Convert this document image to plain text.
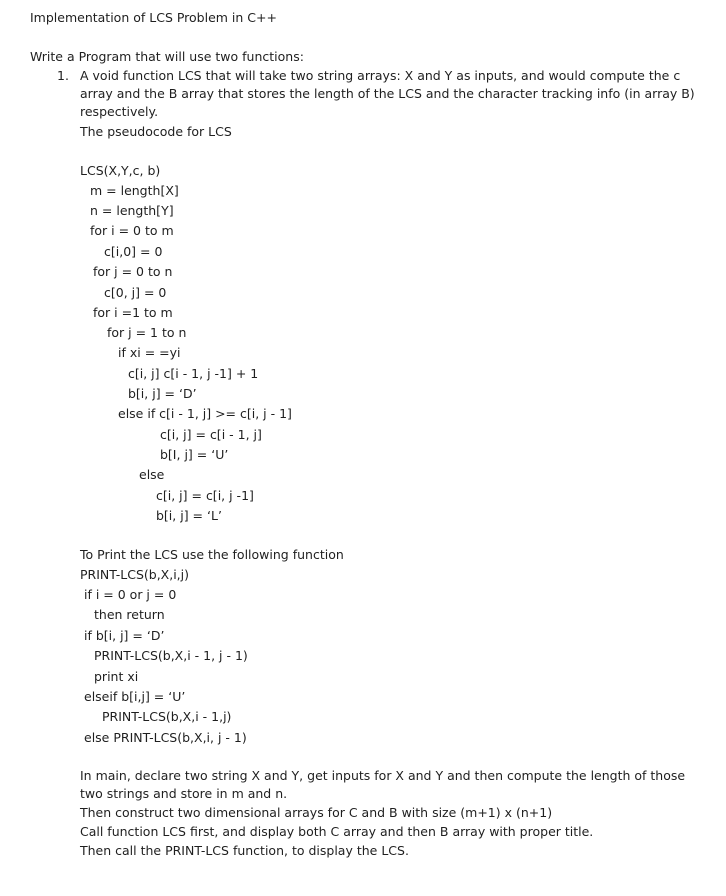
Implementation of LCS Problem in C++
Write a Program that will use two functions:
1. A void function LCS that will take two string arrays: X and Y as inputs, and would compute the c array and the B array that stores the length of the LCS and the character tracking info (in array B) respectively.
The pseudocode for LCS
LCS(X,Y,c, b)
m = length[X]
n = length[Y]
for i = 0 to m
c[i,0] = 0
for j = 0 to n
c[0, j] = 0
for i =1 to m
for j = 1 to n
if xi = =yi
c[i, j] c[i - 1, j -1] + 1
b[i, j] = ‘D’
else if c[i - 1, j] >= c[i, j - 1]
c[i, j] = c[i - 1, j]
b[I, j] = ‘U’
else
c[i, j] = c[i, j -1]
b[i, j] = ‘L’
To Print the LCS use the following function
PRINT-LCS(b,X,i,j)
if i = 0 or j = 0
then return
if b[i, j] = ‘D’
PRINT-LCS(b,X,i - 1, j - 1)
print xi
elseif b[i,j] = ‘U’
PRINT-LCS(b,X,i - 1,j)
else PRINT-LCS(b,X,i, j - 1)
In main, declare two string X and Y, get inputs for X and Y and then compute the length of those two strings and store in m and n.
Then construct two dimensional arrays for C and B with size (m+1) x (n+1)
Call function LCS first, and display both C array and then B array with proper title.
Then call the PRINT-LCS function, to display the LCS.
